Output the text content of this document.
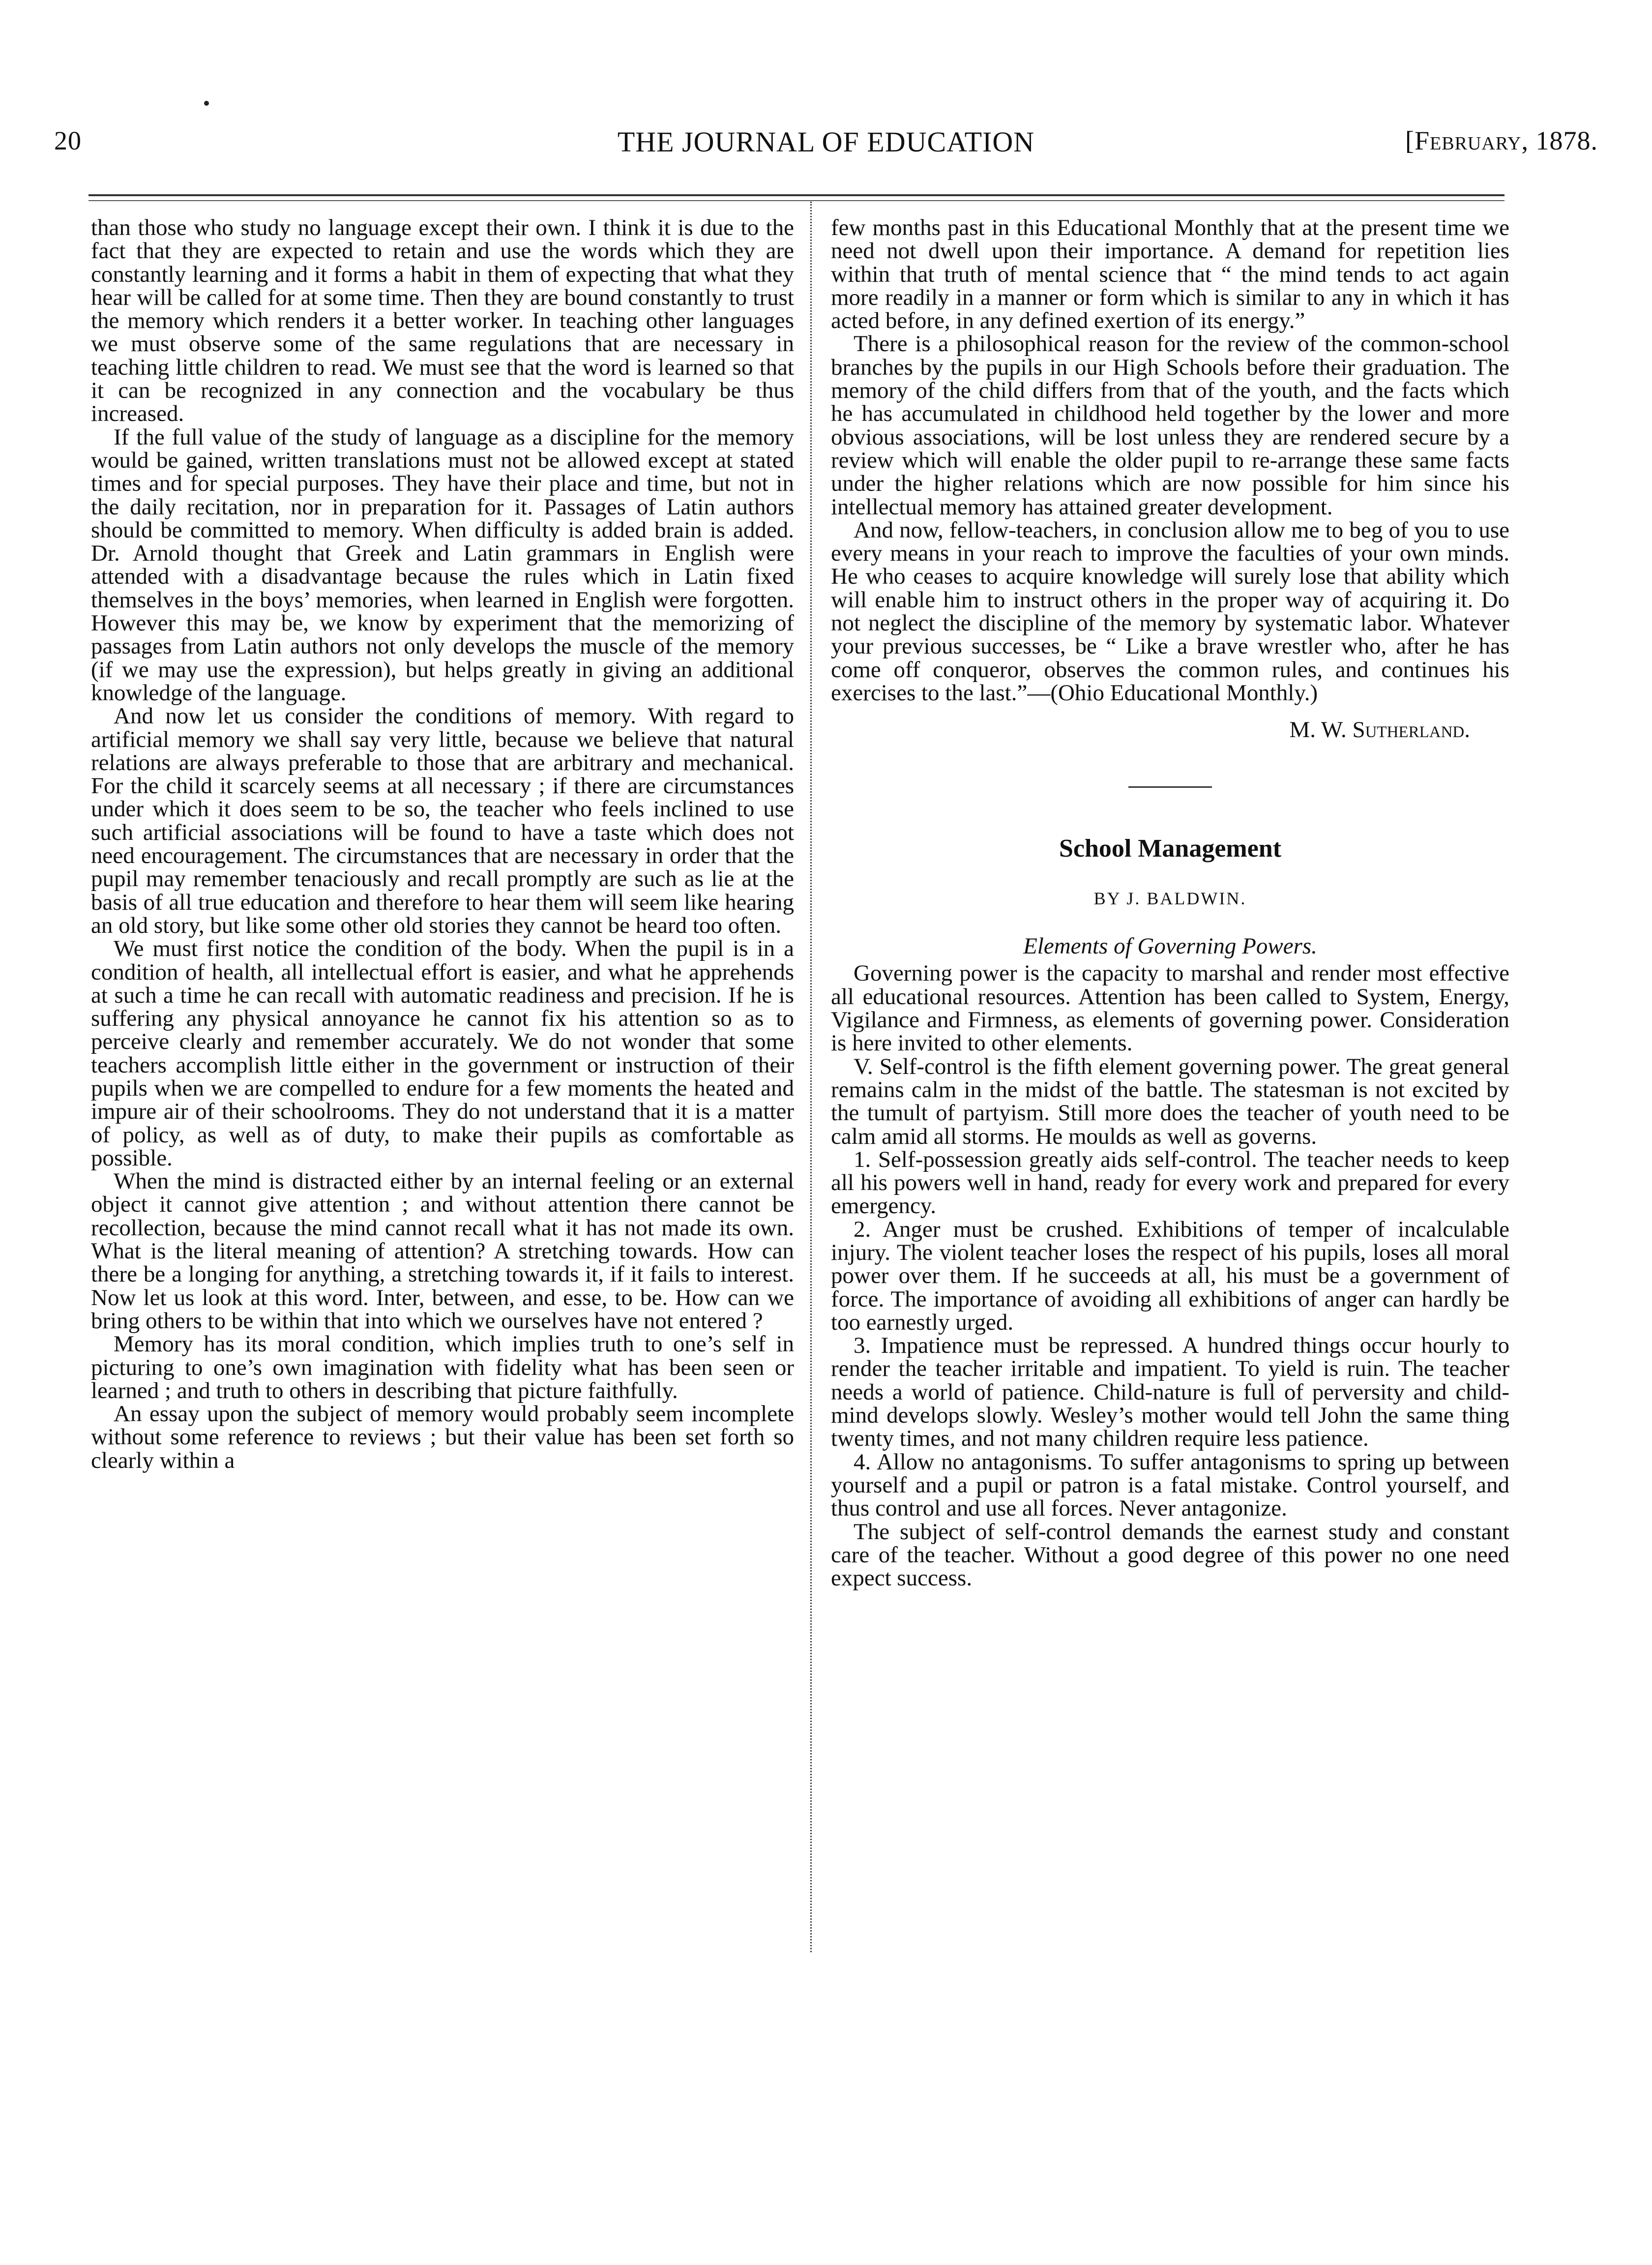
20	THE JOURNAL OF EDUCATION	[February, 1878.

than those who study no language except their own. I think it is due to the fact that they are expected to retain and use the words which they are constantly learning and it forms a habit in them of expecting that what they hear will be called for at some time. Then they are bound constantly to trust the memory which renders it a better worker. In teaching other languages we must observe some of the same regulations that are necessary in teaching little children to read. We must see that the word is learned so that it can be recognized in any connection and the vocabulary be thus increased.

If the full value of the study of language as a discipline for the memory would be gained, written translations must not be allowed except at stated times and for special purposes. They have their place and time, but not in the daily recitation, nor in preparation for it. Passages of Latin authors should be committed to memory. When difficulty is added brain is added. Dr. Arnold thought that Greek and Latin grammars in English were attended with a disadvantage because the rules which in Latin fixed themselves in the boys’ memories, when learned in English were forgotten. However this may be, we know by experiment that the memorizing of passages from Latin authors not only develops the muscle of the memory (if we may use the expression), but helps greatly in giving an additional knowledge of the language.

And now let us consider the conditions of memory. With regard to artificial memory we shall say very little, because we believe that natural relations are always preferable to those that are arbitrary and mechanical. For the child it scarcely seems at all necessary ; if there are circumstances under which it does seem to be so, the teacher who feels inclined to use such artificial associations will be found to have a taste which does not need encouragement. The circumstances that are necessary in order that the pupil may remember tenaciously and recall promptly are such as lie at the basis of all true education and therefore to hear them will seem like hearing an old story, but like some other old stories they cannot be heard too often.

We must first notice the condition of the body. When the pupil is in a condition of health, all intellectual effort is easier, and what he apprehends at such a time he can recall with automatic readiness and precision. If he is suffering any physical annoyance he cannot fix his attention so as to perceive clearly and remember accurately. We do not wonder that some teachers accomplish little either in the government or instruction of their pupils when we are compelled to endure for a few moments the heated and impure air of their schoolrooms. They do not understand that it is a matter of policy, as well as of duty, to make their pupils as comfortable as possible.

When the mind is distracted either by an internal feeling or an external object it cannot give attention ; and without attention there cannot be recollection, because the mind cannot recall what it has not made its own. What is the literal meaning of attention? A stretching towards. How can there be a longing for anything, a stretching towards it, if it fails to interest. Now let us look at this word. Inter, between, and esse, to be. How can we bring others to be within that into which we ourselves have not entered ?

Memory has its moral condition, which implies truth to one’s self in picturing to one’s own imagination with fidelity what has been seen or learned ; and truth to others in describing that picture faithfully.

An essay upon the subject of memory would probably seem incomplete without some reference to reviews ; but their value has been set forth so clearly within a

few months past in this Educational Monthly that at the present time we need not dwell upon their importance. A demand for repetition lies within that truth of mental science that “ the mind tends to act again more readily in a manner or form which is similar to any in which it has acted before, in any defined exertion of its energy.”

There is a philosophical reason for the review of the common-school branches by the pupils in our High Schools before their graduation. The memory of the child differs from that of the youth, and the facts which he has accumulated in childhood held together by the lower and more obvious associations, will be lost unless they are rendered secure by a review which will enable the older pupil to re-arrange these same facts under the higher relations which are now possible for him since his intellectual memory has attained greater development.

And now, fellow-teachers, in conclusion allow me to beg of you to use every means in your reach to improve the faculties of your own minds. He who ceases to acquire knowledge will surely lose that ability which will enable him to instruct others in the proper way of acquiring it. Do not neglect the discipline of the memory by systematic labor. Whatever your previous successes, be “ Like a brave wrestler who, after he has come off conqueror, observes the common rules, and continues his exercises to the last.”—(Ohio Educational Monthly.)

M. W. Sutherland.
School Management
BY J. BALDWIN.
Elements of Governing Powers.

Governing power is the capacity to marshal and render most effective all educational resources. Attention has been called to System, Energy, Vigilance and Firmness, as elements of governing power. Consideration is here invited to other elements.

V. Self-control is the fifth element governing power. The great general remains calm in the midst of the battle. The statesman is not excited by the tumult of partyism. Still more does the teacher of youth need to be calm amid all storms. He moulds as well as governs.

1. Self-possession greatly aids self-control. The teacher needs to keep all his powers well in hand, ready for every work and prepared for every emergency.

2. Anger must be crushed. Exhibitions of temper of incalculable injury. The violent teacher loses the respect of his pupils, loses all moral power over them. If he succeeds at all, his must be a government of force. The importance of avoiding all exhibitions of anger can hardly be too earnestly urged.

3. Impatience must be repressed. A hundred things occur hourly to render the teacher irritable and impatient. To yield is ruin. The teacher needs a world of patience. Child-nature is full of perversity and child-mind develops slowly. Wesley’s mother would tell John the same thing twenty times, and not many children require less patience.

4. Allow no antagonisms. To suffer antagonisms to spring up between yourself and a pupil or patron is a fatal mistake. Control yourself, and thus control and use all forces. Never antagonize.

The subject of self-control demands the earnest study and constant care of the teacher. Without a good degree of this power no one need expect success.
